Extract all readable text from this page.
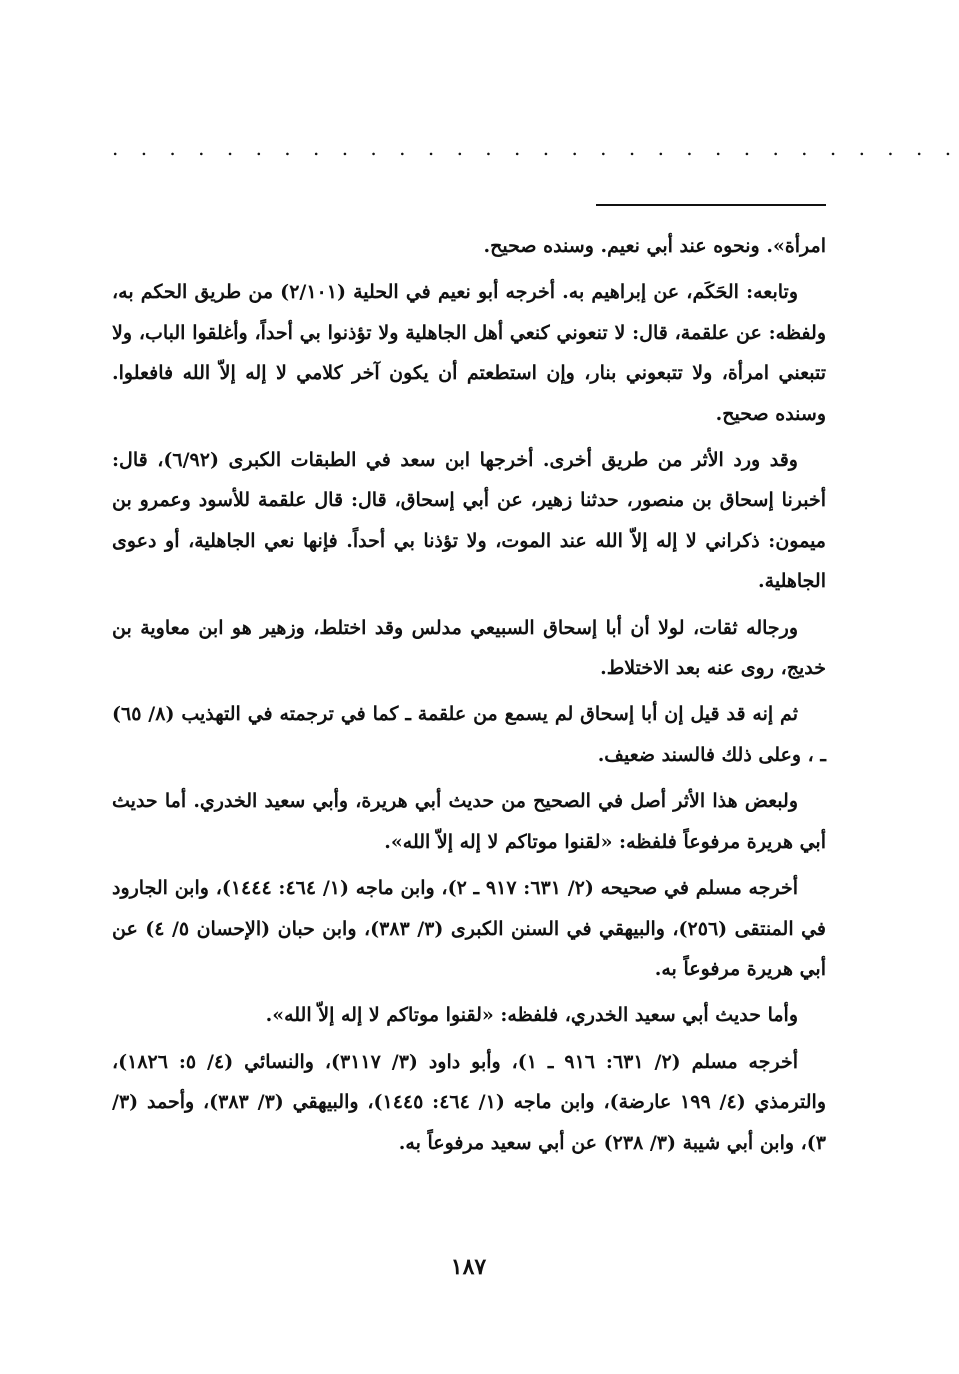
. . . . . . . . . . . . . . . . . . . . . . . . . . . . . .

امرأة». ونحوه عند أبي نعيم. وسنده صحيح.

وتابعه: الحَكَم، عن إبراهيم به. أخرجه أبو نعيم في الحلية (٢/١٠١) من طريق الحكم به، ولفظه: عن علقمة، قال: لا تنعوني كنعي أهل الجاهلية ولا تؤذنوا بي أحداً، وأغلقوا الباب، ولا تتبعني امرأة، ولا تتبعوني بنار، وإن استطعتم أن يكون آخر كلامي لا إله إلاّ الله فافعلوا. وسنده صحيح.

وقد ورد الأثر من طريق أخرى. أخرجها ابن سعد في الطبقات الكبرى (٦/٩٢)، قال: أخبرنا إسحاق بن منصور، حدثنا زهير، عن أبي إسحاق، قال: قال علقمة للأسود وعمرو بن ميمون: ذكراني لا إله إلاّ الله عند الموت، ولا تؤذنا بي أحداً. فإنها نعي الجاهلية، أو دعوى الجاهلية.

ورجاله ثقات، لولا أن أبا إسحاق السبيعي مدلس وقد اختلط، وزهير هو ابن معاوية بن خديج، روى عنه بعد الاختلاط.

ثم إنه قد قيل إن أبا إسحاق لم يسمع من علقمة ـ كما في ترجمته في التهذيب (٨/ ٦٥) ـ ، وعلى ذلك فالسند ضعيف.

ولبعض هذا الأثر أصل في الصحيح من حديث أبي هريرة، وأبي سعيد الخدري. أما حديث أبي هريرة مرفوعاً فلفظه: «لقنوا موتاكم لا إله إلاّ الله».

أخرجه مسلم في صحيحه (٢/ ٦٣١: ٩١٧ ـ ٢)، وابن ماجه (١/ ٤٦٤: ١٤٤٤)، وابن الجارود في المنتقى (٢٥٦)، والبيهقي في السنن الكبرى (٣/ ٣٨٣)، وابن حبان (الإحسان ٥/ ٤) عن أبي هريرة مرفوعاً به.

وأما حديث أبي سعيد الخدري، فلفظه: «لقنوا موتاكم لا إله إلاّ الله».

أخرجه مسلم (٢/ ٦٣١: ٩١٦ ـ ١)، وأبو داود (٣/ ٣١١٧)، والنسائي (٤/ ٥: ١٨٢٦)، والترمذي (٤/ ١٩٩ عارضة)، وابن ماجه (١/ ٤٦٤: ١٤٤٥)، والبيهقي (٣/ ٣٨٣)، وأحمد (٣/ ٣)، وابن أبي شيبة (٣/ ٢٣٨) عن أبي سعيد مرفوعاً به.

١٨٧
